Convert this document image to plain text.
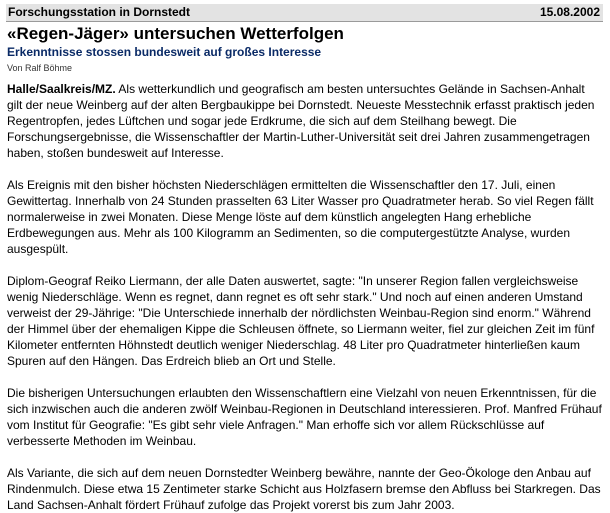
Forschungsstation in Dornstedt	15.08.2002
«Regen-Jäger» untersuchen Wetterfolgen
Erkenntnisse stossen bundesweit auf großes Interesse
Von Ralf Böhme

Halle/Saalkreis/MZ. Als wetterkundlich und geografisch am besten untersuchtes Gelände in Sachsen-Anhalt gilt der neue Weinberg auf der alten Bergbaukippe bei Dornstedt. Neueste Messtechnik erfasst praktisch jeden Regentropfen, jedes Lüftchen und sogar jede Erdkrume, die sich auf dem Steilhang bewegt. Die Forschungsergebnisse, die Wissenschaftler der Martin-Luther-Universität seit drei Jahren zusammengetragen haben, stoßen bundesweit auf Interesse.

Als Ereignis mit den bisher höchsten Niederschlägen ermittelten die Wissenschaftler den 17. Juli, einen Gewittertag. Innerhalb von 24 Stunden prasselten 63 Liter Wasser pro Quadratmeter herab. So viel Regen fällt normalerweise in zwei Monaten. Diese Menge löste auf dem künstlich angelegten Hang erhebliche Erdbewegungen aus. Mehr als 100 Kilogramm an Sedimenten, so die computergestützte Analyse, wurden ausgespült.

Diplom-Geograf Reiko Liermann, der alle Daten auswertet, sagte: "In unserer Region fallen vergleichsweise wenig Niederschläge. Wenn es regnet, dann regnet es oft sehr stark." Und noch auf einen anderen Umstand verweist der 29-Jährige: "Die Unterschiede innerhalb der nördlichsten Weinbau-Region sind enorm." Während der Himmel über der ehemaligen Kippe die Schleusen öffnete, so Liermann weiter, fiel zur gleichen Zeit im fünf Kilometer entfernten Höhnstedt deutlich weniger Niederschlag. 48 Liter pro Quadratmeter hinterließen kaum Spuren auf den Hängen. Das Erdreich blieb an Ort und Stelle.

Die bisherigen Untersuchungen erlaubten den Wissenschaftlern eine Vielzahl von neuen Erkenntnissen, für die sich inzwischen auch die anderen zwölf Weinbau-Regionen in Deutschland interessieren. Prof. Manfred Frühauf vom Institut für Geografie: "Es gibt sehr viele Anfragen." Man erhoffe sich vor allem Rückschlüsse auf verbesserte Methoden im Weinbau.

Als Variante, die sich auf dem neuen Dornstedter Weinberg bewähre, nannte der Geo-Ökologe den Anbau auf Rindenmulch. Diese etwa 15 Zentimeter starke Schicht aus Holzfasern bremse den Abfluss bei Starkregen. Das Land Sachsen-Anhalt fördert Frühauf zufolge das Projekt vorerst bis zum Jahr 2003.
